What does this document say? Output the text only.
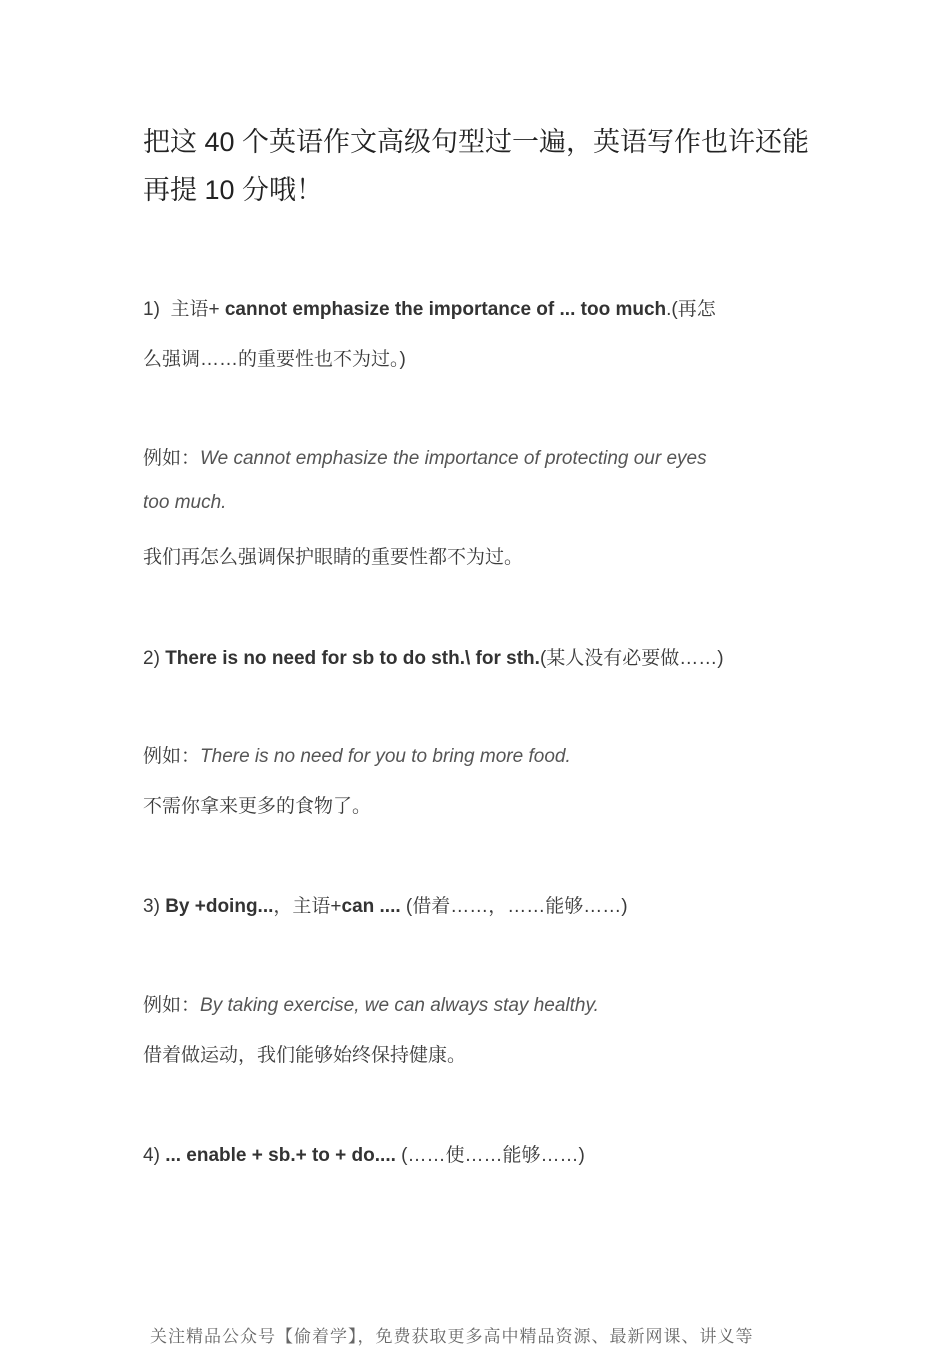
把这 40 个英语作文高级句型过一遍，英语写作也许还能再提 10 分哦！
1) 主语+ cannot emphasize the importance of ... too much.(再怎
么强调……的重要性也不为过。)
例如：We cannot emphasize the importance of protecting our eyes
too much.
我们再怎么强调保护眼睛的重要性都不为过。
2) There is no need for sb to do sth.\ for sth.(某人没有必要做……)
例如：There is no need for you to bring more food.
不需你拿来更多的食物了。
3) By +doing...，主语+can .... (借着……，……能够……)
例如：By taking exercise, we can always stay healthy.
借着做运动，我们能够始终保持健康。
4) ... enable + sb.+ to + do.... (……使……能够……)
关注精品公众号【偷着学】，免费获取更多高中精品资源、最新网课、讲义等
